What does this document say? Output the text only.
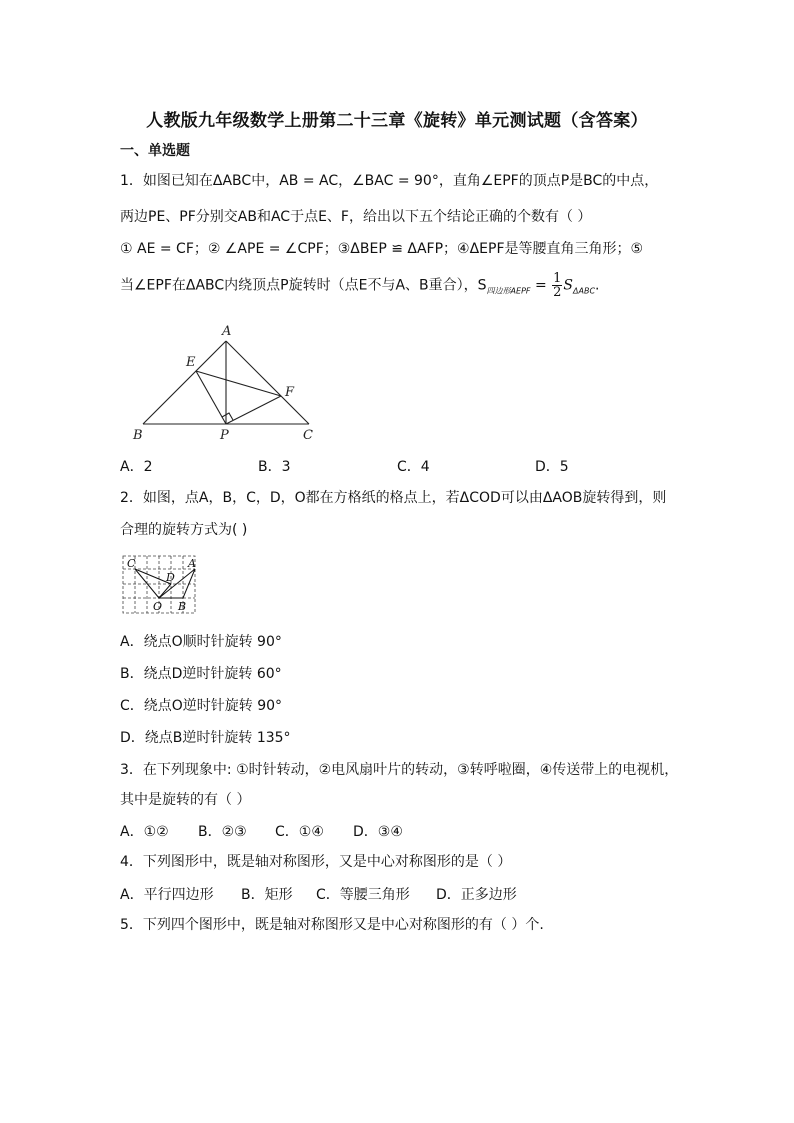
人教版九年级数学上册第二十三章《旋转》单元测试题（含答案）
一、单选题
1．如图已知在ΔABC中，AB = AC，∠BAC = 90°，直角∠EPF的顶点P是BC的中点，
两边PE、PF分别交AB和AC于点E、F，给出以下五个结论正确的个数有（ ）
① AE = CF；② ∠APE = ∠CPF；③ΔBEP ≌ ΔAFP；④ΔEPF是等腰直角三角形；⑤
当∠EPF在ΔABC内绕顶点P旋转时（点E不与A、B重合），$S_{四边形AEPF} = \frac{1}{2} S_{\Delta ABC}$.
A
E
F
B	P	C
A．2	B．3	C．4	D．5
2．如图，点A，B，C，D，O都在方格纸的格点上，若ΔCOD可以由ΔAOB旋转得到，则
合理的旋转方式为( )
C
D
A
O B
A．绕点O顺时针旋转 90°
B．绕点D逆时针旋转 60°
C．绕点O逆时针旋转 90°
D．绕点B逆时针旋转 135°
3．在下列现象中: ①时针转动，②电风扇叶片的转动，③转呼啦圈，④传送带上的电视机，
其中是旋转的有（ ）
A．①② B．②③ C．①④ D．③④
4．下列图形中，既是轴对称图形，又是中心对称图形的是（ ）
A．平行四边形 B．矩形 C．等腰三角形 D．正多边形
5．下列四个图形中，既是轴对称图形又是中心对称图形的有（ ）个.
